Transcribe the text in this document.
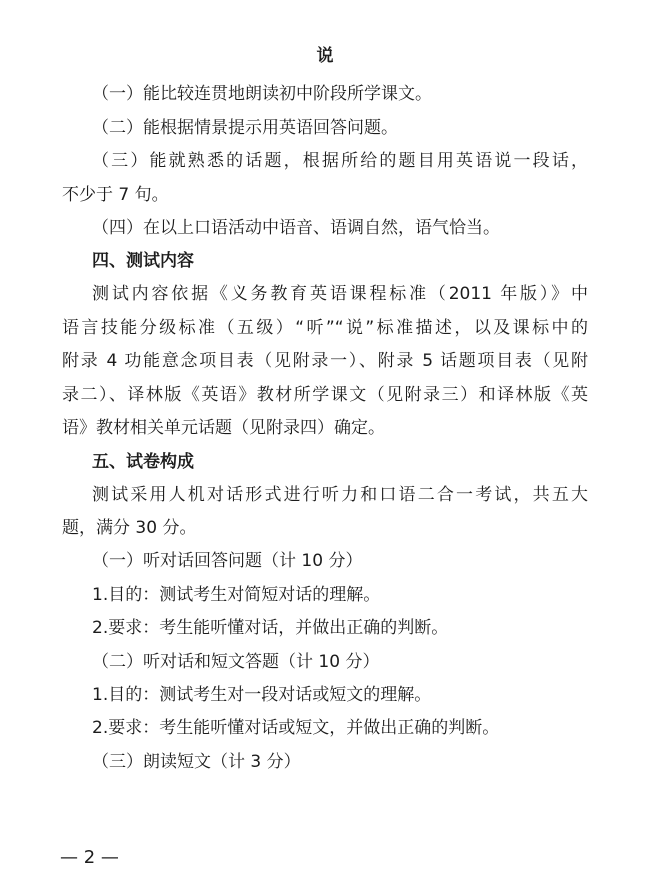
说
（一）能比较连贯地朗读初中阶段所学课文。
（二）能根据情景提示用英语回答问题。
（三）能就熟悉的话题，根据所给的题目用英语说一段话，
不少于 7 句。
（四）在以上口语活动中语音、语调自然，语气恰当。
四、测试内容
测试内容依据《义务教育英语课程标准（2011 年版）》中
语言技能分级标准（五级）“听”“说”标准描述，以及课标中的
附录 4 功能意念项目表（见附录一）、附录 5 话题项目表（见附
录二）、译林版《英语》教材所学课文（见附录三）和译林版《英
语》教材相关单元话题（见附录四）确定。
五、试卷构成
测试采用人机对话形式进行听力和口语二合一考试，共五大
题，满分 30 分。
（一）听对话回答问题（计 10 分）
1.目的：测试考生对简短对话的理解。
2.要求：考生能听懂对话，并做出正确的判断。
（二）听对话和短文答题（计 10 分）
1.目的：测试考生对一段对话或短文的理解。
2.要求：考生能听懂对话或短文，并做出正确的判断。
（三）朗读短文（计 3 分）
— 2 —
